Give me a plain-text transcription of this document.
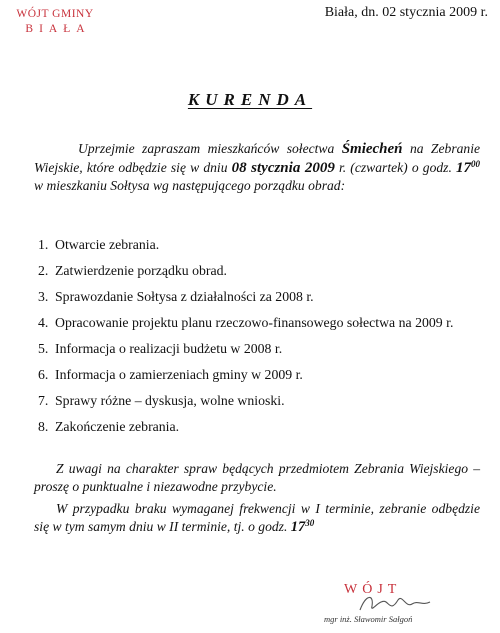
WÓJT GMINY
BIAŁA
Biała, dn. 02 stycznia 2009 r.
KURENDA

Uprzejmie zapraszam mieszkańców sołectwa Śmiecheń na Zebranie Wiejskie, które odbędzie się w dniu 08 stycznia 2009 r. (czwartek) o godz. $17^{00}$ w mieszkaniu Sołtysa wg następującego porządku obrad:

1. Otwarcie zebrania.
2. Zatwierdzenie porządku obrad.
3. Sprawozdanie Sołtysa z działalności za 2008 r.
4. Opracowanie projektu planu rzeczowo-finansowego sołectwa na 2009 r.
5. Informacja o realizacji budżetu w 2008 r.
6. Informacja o zamierzeniach gminy w 2009 r.
7. Sprawy różne – dyskusja, wolne wnioski.
8. Zakończenie zebrania.

Z uwagi na charakter spraw będących przedmiotem Zebrania Wiejskiego – proszę o punktualne i niezawodne przybycie.

W przypadku braku wymaganej frekwencji w I terminie, zebranie odbędzie się w tym samym dniu w II terminie, tj. o godz. $17^{30}$

WÓJT
mgr inż. Sławomir Sałgoń
